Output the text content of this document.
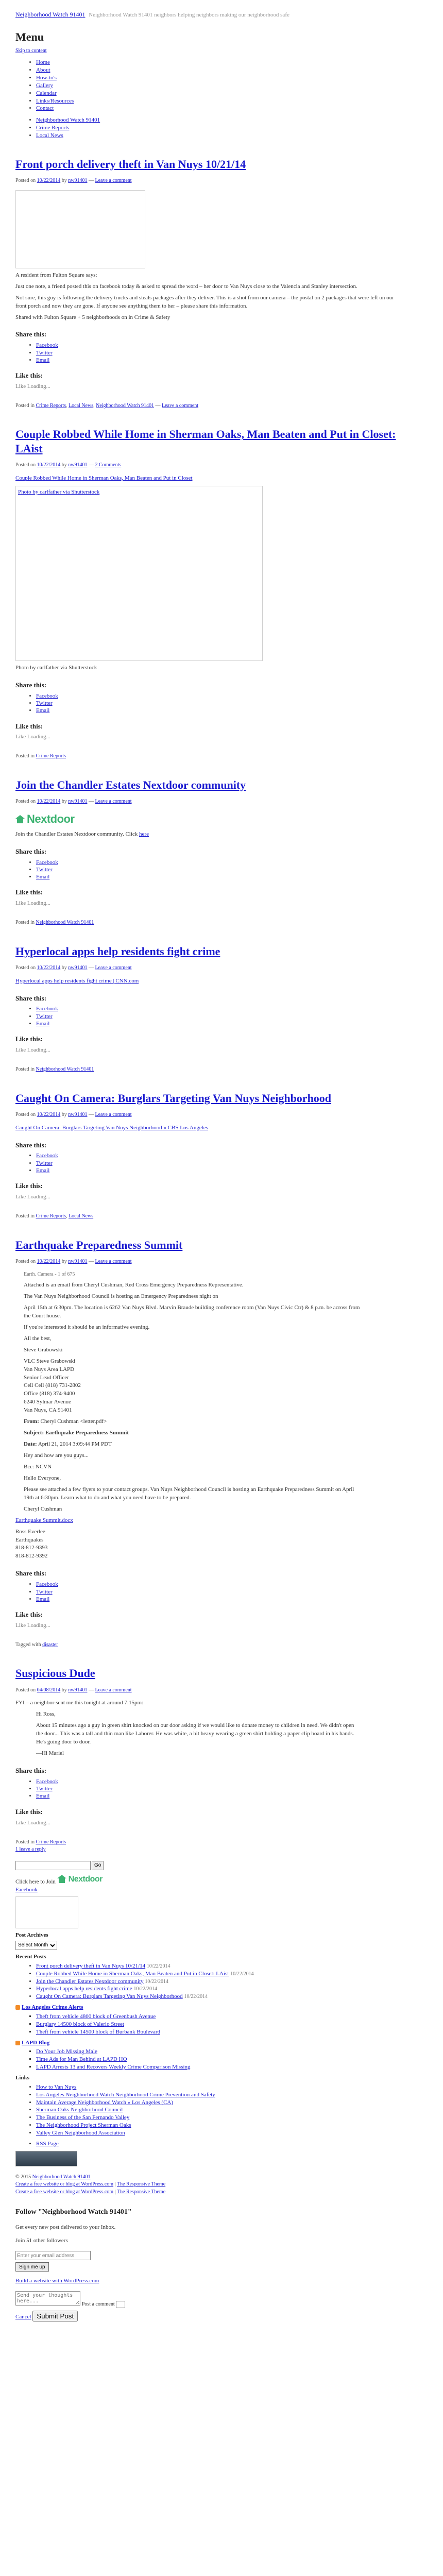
Neighborhood Watch 91401 Neighborhood Watch 91401 neighbors helping neighbors making our neighborhood safe
Menu
Skip to content
• Home
• About
• How-to's
• Gallery
• Calendar
• Links/Resources
• Contact
• Neighborhood Watch 91401
• Crime Reports
• Local News
Front porch delivery theft in Van Nuys 10/21/14
Posted on 10/22/2014 by nw91401 — Leave a comment

A resident from Fulton Square says:

Just one note, a friend posted this on facebook today & asked to spread the word – her door to Van Nuys close to the Valencia and Stanley intersection.

Not sure, this guy is following the delivery trucks and steals packages after they deliver. This is a shot from our camera – the postal on 2 packages that were left on our front porch and now they are gone. If anyone see anything them to her – please share this information.

Shared with Fulton Square + 5 neighborhoods on in Crime & Safety

Share this:
• Facebook
• Twitter
• Email
Like this:
Like Loading...
Posted in Crime Reports, Local News, Neighborhood Watch 91401 — Leave a comment
Couple Robbed While Home in Sherman Oaks, Man Beaten and Put in Closet: LAist
Posted on 10/22/2014 by nw91401 — 2 Comments

Couple Robbed While Home in Sherman Oaks, Man Beaten and Put in Closet

Photo by carlfather via Shutterstock

Photo by carlfather via Shutterstock

Share this:
• Facebook
• Twitter
• Email
Like this:
Like Loading...
Posted in Crime Reports
Join the Chandler Estates Nextdoor community
Posted on 10/22/2014 by nw91401 — Leave a comment
Nextdoor

Join the Chandler Estates Nextdoor community. Click here

Share this:
• Facebook
• Twitter
• Email
Like this:
Like Loading...
Posted in Neighborhood Watch 91401
Hyperlocal apps help residents fight crime
Posted on 10/22/2014 by nw91401 — Leave a comment

Hyperlocal apps help residents fight crime | CNN.com

Share this:
• Facebook
• Twitter
• Email
Like this:
Like Loading...
Posted in Neighborhood Watch 91401
Caught On Camera: Burglars Targeting Van Nuys Neighborhood
Posted on 10/22/2014 by nw91401 — Leave a comment

Caught On Camera: Burglars Targeting Van Nuys Neighborhood « CBS Los Angeles

Share this:
• Facebook
• Twitter
• Email
Like this:
Like Loading...
Posted in Crime Reports, Local News
Earthquake Preparedness Summit
Posted on 10/22/2014 by nw91401 — Leave a comment

Earth. Camera - 1 of 675

Attached is an email from Cheryl Cushman, Red Cross Emergency Preparedness Representative.

The Van Nuys Neighborhood Council is hosting an Emergency Preparedness night on

April 15th at 6:30pm. The location is 6262 Van Nuys Blvd. Marvin Braude building conference room (Van Nuys Civic Ctr) & 8 p.m. be across from the Court house.

If you're interested it should be an informative evening.

All the best,

Steve Grabowski

VLC Steve Grabowski
Van Nuys Area LAPD
Senior Lead Officer
Cell Cell (818) 731-2802
Office (818) 374-9400
6240 Sylmar Avenue
Van Nuys, CA 91401

From: Cheryl Cushman <letter.pdf>

Subject: Earthquake Preparedness Summit

Date: April 21, 2014 3:09:44 PM PDT

Hey and how are you guys...

Bcc: NCVN

Hello Everyone,

Please see attached a few flyers to your contact groups. Van Nuys Neighborhood Council is hosting an Earthquake Preparedness Summit on April 19th at 6:30pm. Learn what to do and what you need have to be prepared.

Cheryl Cushman

Earthquake Summit.docx

Ross Everlee
Earthquakes
818-812-9393
818-812-9392
Share this:
• Facebook
• Twitter
• Email
Like this:
Like Loading...
Tagged with disaster
Suspicious Dude
Posted on 04/08/2014 by nw91401 — Leave a comment

FYI – a neighbor sent me this tonight at around 7:15pm:

Hi Ross,

About 15 minutes ago a guy in green shirt knocked on our door asking if we would like to donate money to children in need. We didn't open the door... This was a tall and thin man like Laborer. He was white, a bit heavy wearing a green shirt holding a paper clip board in his hands. He's going door to door.

—Hi Mariel

Share this:
• Facebook
• Twitter
• Email
Like this:
Like Loading...
Posted in Crime Reports
1 leave a reply
Go
Click here to Join Nextdoor
Facebook
Post Archives
Select Month
Recent Posts
• Front porch delivery theft in Van Nuys 10/21/14 10/22/2014
• Couple Robbed While Home in Sherman Oaks, Man Beaten and Put in Closet: LAist 10/22/2014
• Join the Chandler Estates Nextdoor community 10/22/2014
• Hyperlocal apps help residents fight crime 10/22/2014
• Caught On Camera: Burglars Targeting Van Nuys Neighborhood 10/22/2014
Los Angeles Crime Alerts
▪ Theft from vehicle 4800 block of Greenbush Avenue
▪ Burglary 14500 block of Valerio Street
▪ Theft from vehicle 14500 block of Burbank Boulevard
LAPD Blog
▪ Do Your Job Missing Male
▪ Time Ads for Man Behind at LAPD HQ
▪ LAPD Arrests 13 and Recovers Weekly Crime Comparison Missing
Links
• How to Van Nuys
• Los Angeles Neighborhood Watch Neighborhood Crime Prevention and Safety
• Maintain Average Neighborhood Watch « Los Angeles (CA)
• Sherman Oaks Neighborhood Council
• The Business of the San Fernando Valley
• The Neighborhood Project Sherman Oaks
• Valley Glen Neighborhood Association
• RSS Page
© 2015 Neighborhood Watch 91401
Create a free website or blog at WordPress.com | The Responsive Theme
Create a free website or blog at WordPress.com | The Responsive Theme
Follow "Neighborhood Watch 91401"

Get every new post delivered to your Inbox.

Join 51 other followers

Enter your email address
Sign me up

Build a website with WordPress.com

Send your thoughts here... Post a comment
Cancel Submit Post
